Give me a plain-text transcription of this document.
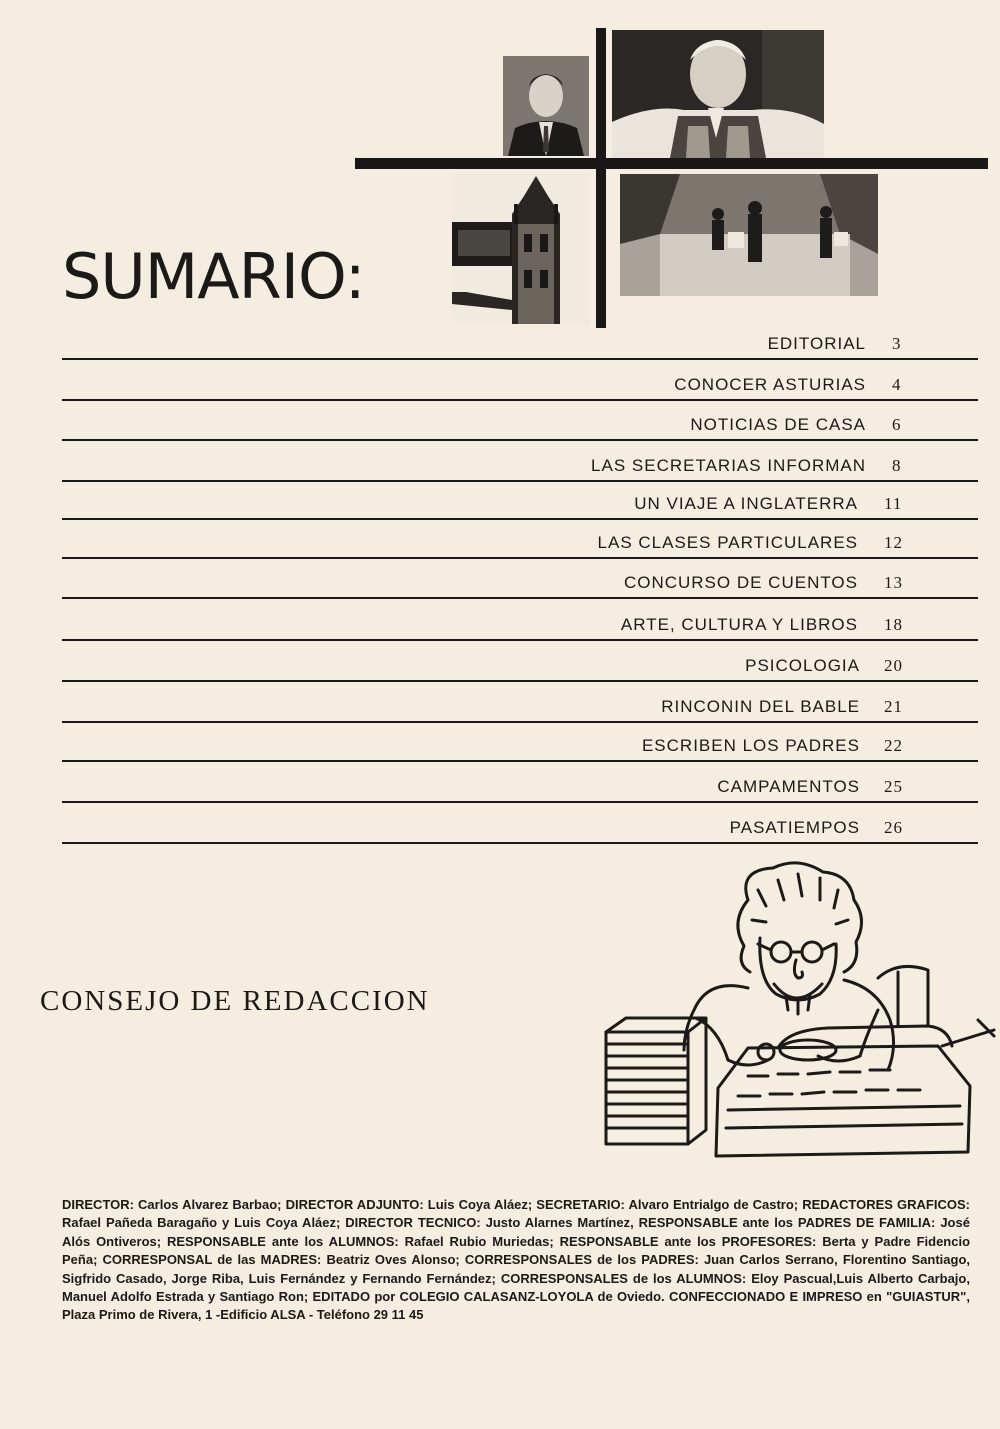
SUMARIO:
EDITORIAL 3
CONOCER ASTURIAS 4
NOTICIAS DE CASA 6
LAS SECRETARIAS INFORMAN 8
UN VIAJE A INGLATERRA 11
LAS CLASES PARTICULARES 12
CONCURSO DE CUENTOS 13
ARTE, CULTURA Y LIBROS 18
PSICOLOGIA 20
RINCONIN DEL BABLE 21
ESCRIBEN LOS PADRES 22
CAMPAMENTOS 25
PASATIEMPOS 26
CONSEJO DE REDACCION
DIRECTOR: Carlos Alvarez Barbao; DIRECTOR ADJUNTO: Luis Coya Aláez; SECRETARIO: Alvaro Entrialgo de Castro; REDACTORES GRAFICOS: Rafael Pañeda Baragaño y Luis Coya Aláez; DIRECTOR TECNICO: Justo Alarnes Martínez, RESPONSABLE ante los PADRES DE FAMILIA: José Alós Ontiveros; RESPONSABLE ante los ALUMNOS: Rafael Rubio Muriedas; RESPONSABLE ante los PROFESORES: Berta y Padre Fidencio Peña; CORRESPONSAL de las MADRES: Beatriz Oves Alonso; CORRESPONSALES de los PADRES: Juan Carlos Serrano, Florentino Santiago, Sigfrido Casado, Jorge Riba, Luis Fernández y Fernando Fernández; CORRESPONSALES de los ALUMNOS: Eloy Pascual,Luis Alberto Carbajo, Manuel Adolfo Estrada y Santiago Ron; EDITADO por COLEGIO CALASANZ-LOYOLA de Oviedo. CONFECCIONADO E IMPRESO en "GUIASTUR", Plaza Primo de Rivera, 1 -Edificio ALSA - Teléfono 29 11 45
